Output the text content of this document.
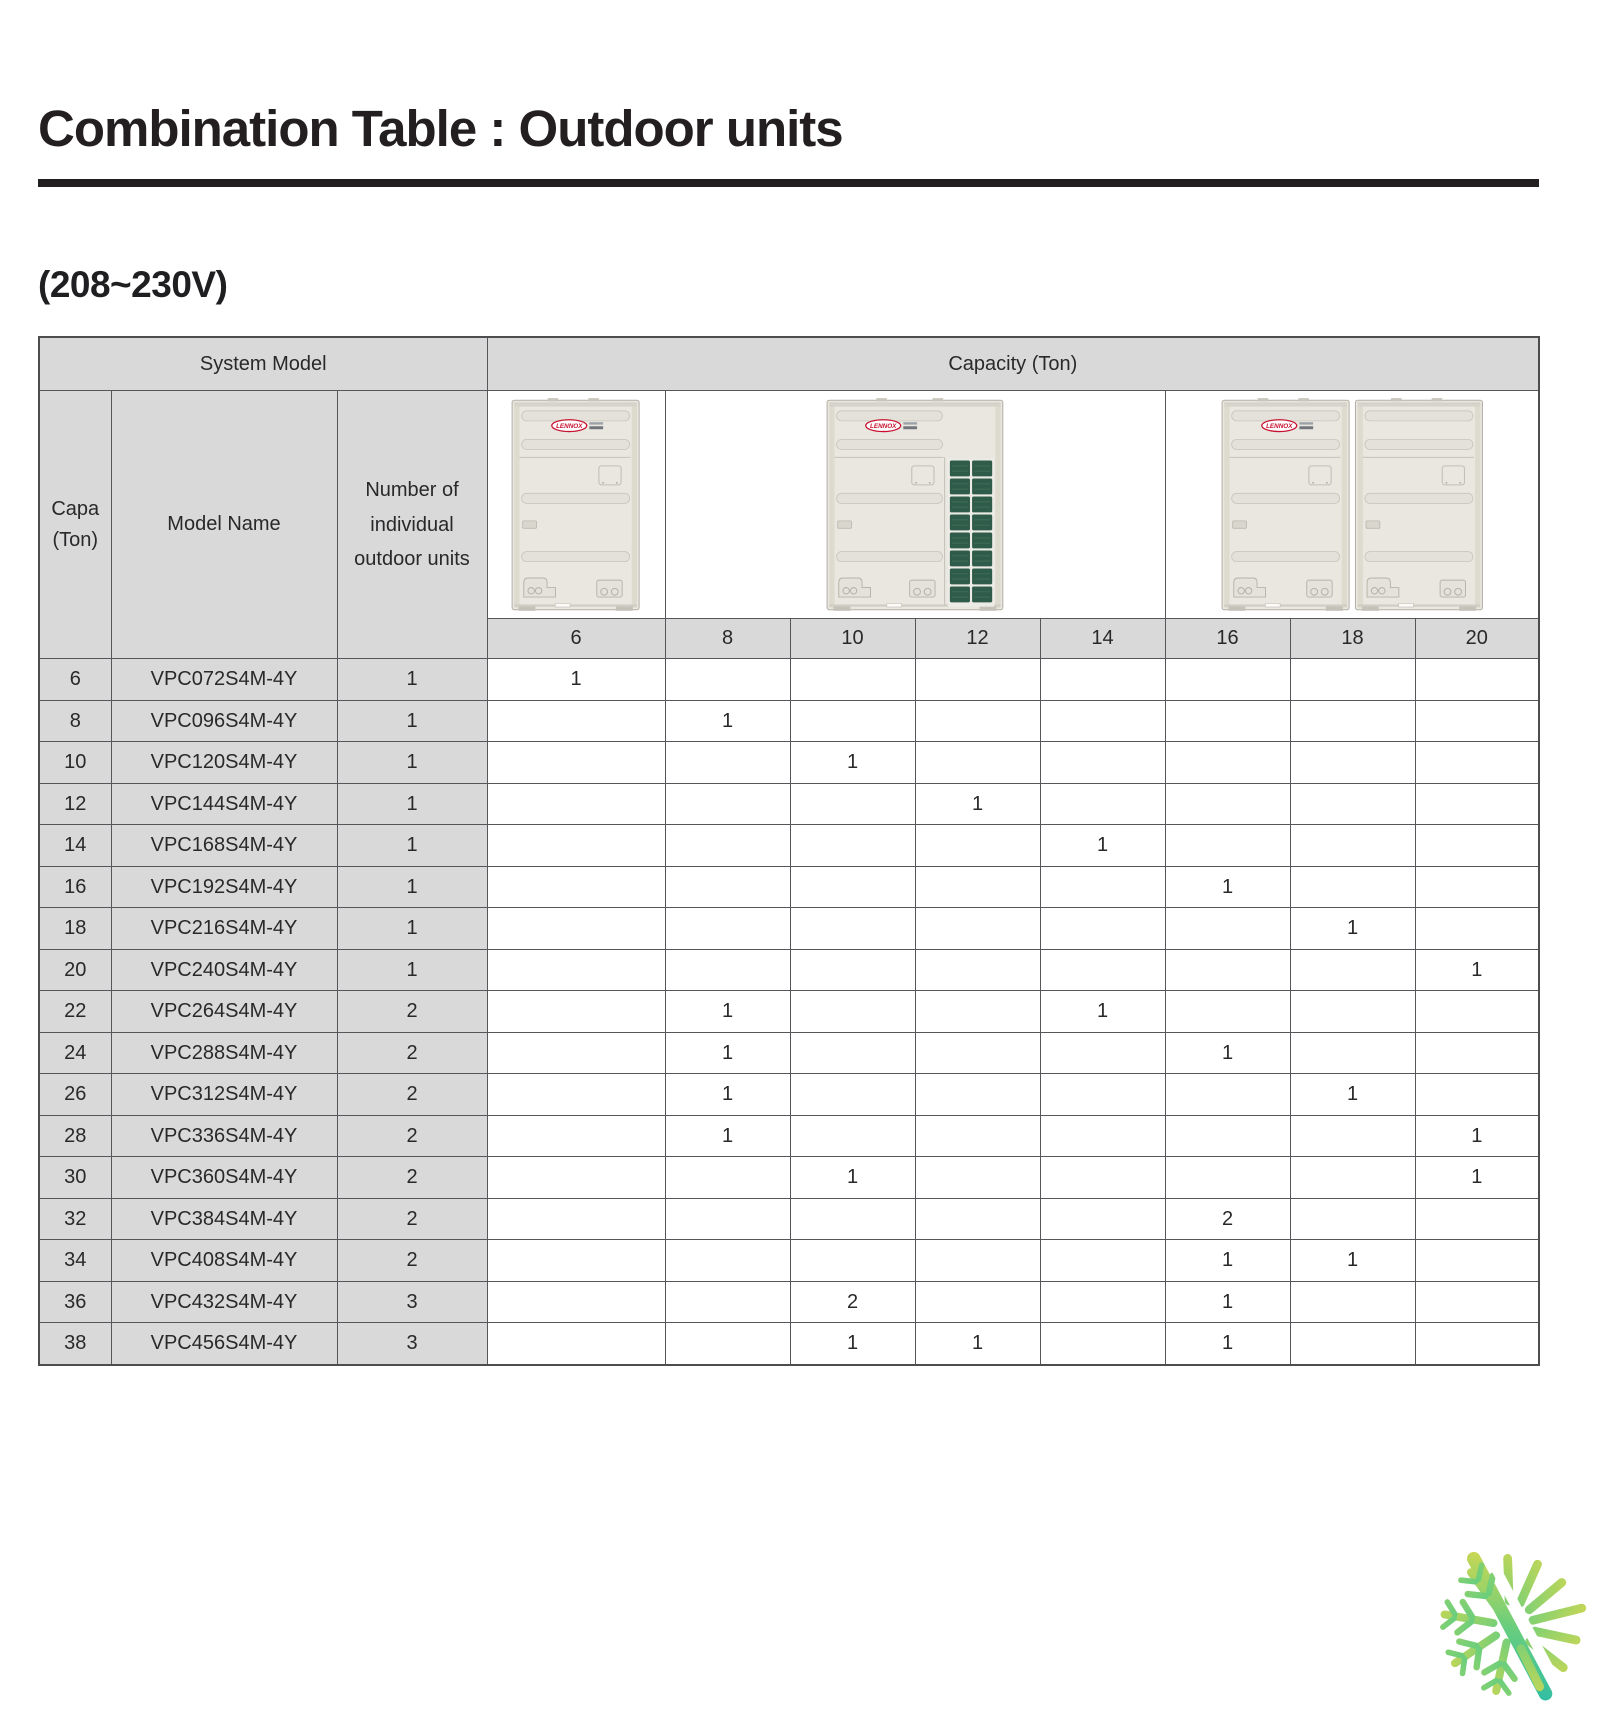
Combination Table : Outdoor units
(208~230V)
System Model			Capacity (Ton)							

Capa
(Ton)	Model Name	Number of individual outdoor units	LENNOX	LENNOX				LENNOX		

			6	8	10	12	14	16	18	20
6	VPC072S4M-4Y	1	1							
8	VPC096S4M-4Y	1		1						
10	VPC120S4M-4Y	1			1					
12	VPC144S4M-4Y	1				1				
14	VPC168S4M-4Y	1					1			
16	VPC192S4M-4Y	1						1		
18	VPC216S4M-4Y	1							1	
20	VPC240S4M-4Y	1								1
22	VPC264S4M-4Y	2		1			1			
24	VPC288S4M-4Y	2		1				1		
26	VPC312S4M-4Y	2		1					1	
28	VPC336S4M-4Y	2		1						1
30	VPC360S4M-4Y	2			1					1
32	VPC384S4M-4Y	2						2		
34	VPC408S4M-4Y	2						1	1	
36	VPC432S4M-4Y	3			2			1		
38	VPC456S4M-4Y	3			1	1		1		
